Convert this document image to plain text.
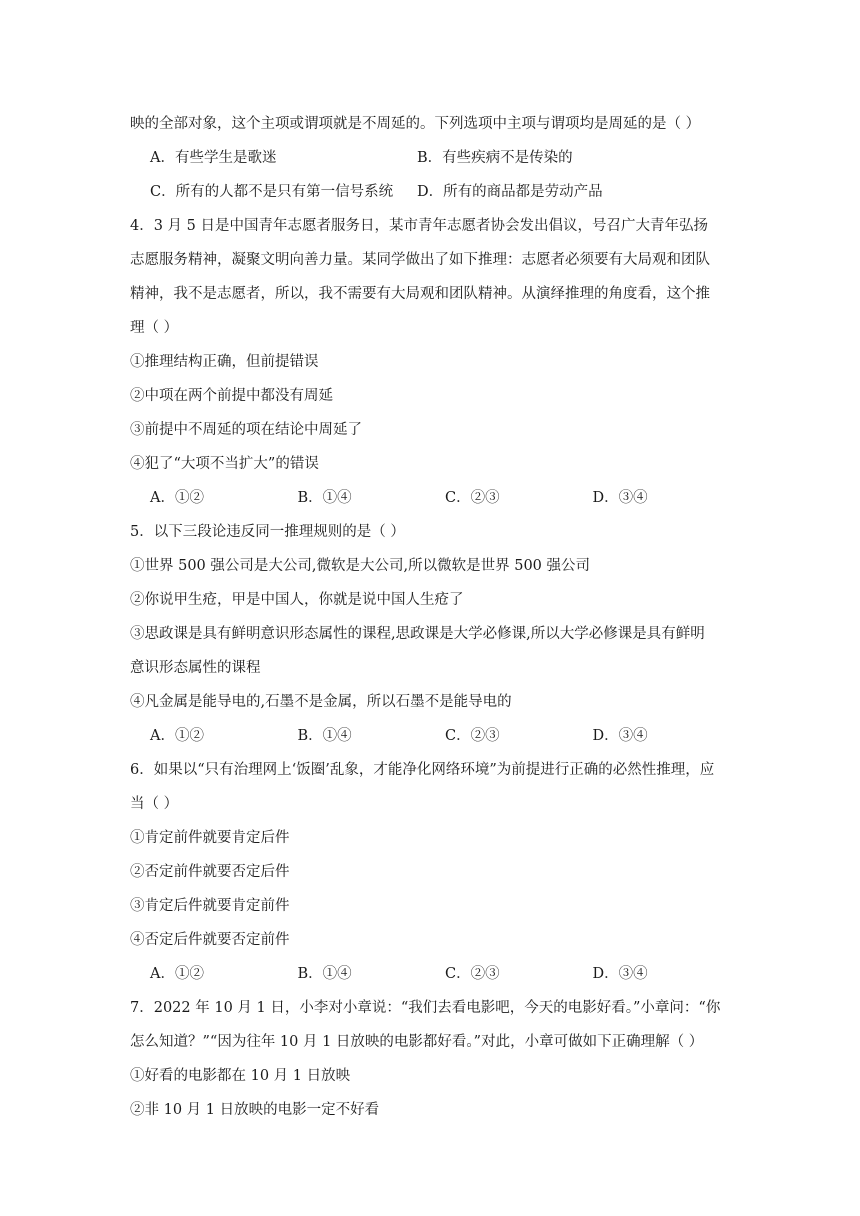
映的全部对象，这个主项或谓项就是不周延的。下列选项中主项与谓项均是周延的是（ ）
A．有些学生是歌迷	B．有些疾病不是传染的
C．所有的人都不是只有第一信号系统	D．所有的商品都是劳动产品
4．3 月 5 日是中国青年志愿者服务日，某市青年志愿者协会发出倡议，号召广大青年弘扬
志愿服务精神，凝聚文明向善力量。某同学做出了如下推理：志愿者必须要有大局观和团队
精神，我不是志愿者，所以，我不需要有大局观和团队精神。从演绎推理的角度看，这个推
理（ ）
①推理结构正确，但前提错误
②中项在两个前提中都没有周延
③前提中不周延的项在结论中周延了
④犯了“大项不当扩大”的错误
A．①②	B．①④	C．②③	D．③④
5．以下三段论违反同一推理规则的是（ ）
①世界 500 强公司是大公司,微软是大公司,所以微软是世界 500 强公司
②你说甲生疮，甲是中国人，你就是说中国人生疮了
③思政课是具有鲜明意识形态属性的课程,思政课是大学必修课,所以大学必修课是具有鲜明
意识形态属性的课程
④凡金属是能导电的,石墨不是金属，所以石墨不是能导电的
A．①②	B．①④	C．②③	D．③④
6．如果以“只有治理网上‘饭圈’乱象，才能净化网络环境”为前提进行正确的必然性推理，应
当（ ）
①肯定前件就要肯定后件
②否定前件就要否定后件
③肯定后件就要肯定前件
④否定后件就要否定前件
A．①②	B．①④	C．②③	D．③④
7．2022 年 10 月 1 日，小李对小章说：“我们去看电影吧，今天的电影好看。”小章问：“你
怎么知道？”“因为往年 10 月 1 日放映的电影都好看。”对此，小章可做如下正确理解（ ）
①好看的电影都在 10 月 1 日放映
②非 10 月 1 日放映的电影一定不好看
